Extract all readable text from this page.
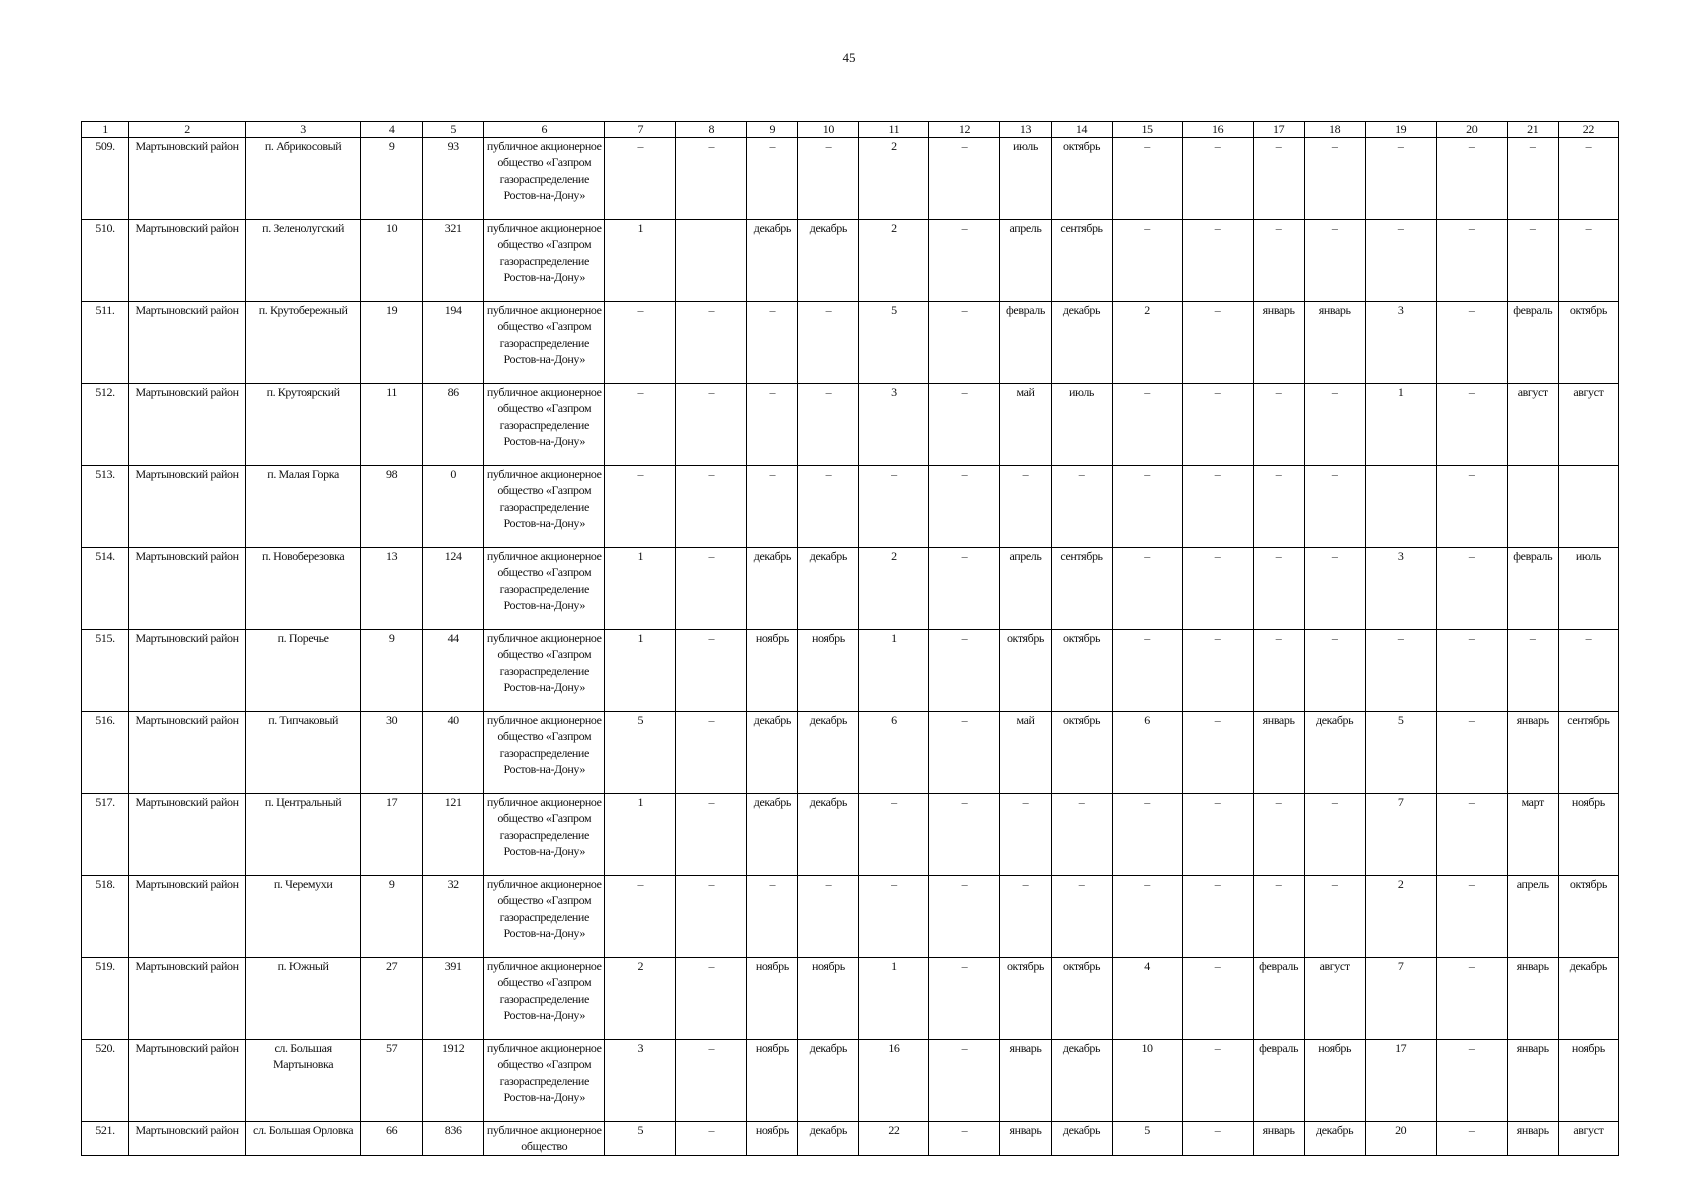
45
1	2	3	4	5	6	7	8	9	10	11	12	13	14	15	16	17	18	19	20	21	22
509.	Мартыновский район	п. Абрикосовый	9	93	публичное акционерное общество «Газпром газораспределение Ростов-на-Дону»	–	–	–	–	2	–	июль	октябрь	–	–	–	–	–	–	–	–
510.	Мартыновский район	п. Зеленолугский	10	321	публичное акционерное общество «Газпром газораспределение Ростов-на-Дону»	1		декабрь	декабрь	2	–	апрель	сентябрь	–	–	–	–	–	–	–	–
511.	Мартыновский район	п. Крутобережный	19	194	публичное акционерное общество «Газпром газораспределение Ростов-на-Дону»	–	–	–	–	5	–	февраль	декабрь	2	–	январь	январь	3	–	февраль	октябрь
512.	Мартыновский район	п. Крутоярский	11	86	публичное акционерное общество «Газпром газораспределение Ростов-на-Дону»	–	–	–	–	3	–	май	июль	–	–	–	–	1	–	август	август
513.	Мартыновский район	п. Малая Горка	98	0	публичное акционерное общество «Газпром газораспределение Ростов-на-Дону»	–	–	–	–	–	–	–	–	–	–	–	–		–		
514.	Мартыновский район	п. Новоберезовка	13	124	публичное акционерное общество «Газпром газораспределение Ростов-на-Дону»	1	–	декабрь	декабрь	2	–	апрель	сентябрь	–	–	–	–	3	–	февраль	июль
515.	Мартыновский район	п. Поречье	9	44	публичное акционерное общество «Газпром газораспределение Ростов-на-Дону»	1	–	ноябрь	ноябрь	1	–	октябрь	октябрь	–	–	–	–	–	–	–	–
516.	Мартыновский район	п. Типчаковый	30	40	публичное акционерное общество «Газпром газораспределение Ростов-на-Дону»	5	–	декабрь	декабрь	6	–	май	октябрь	6	–	январь	декабрь	5	–	январь	сентябрь
517.	Мартыновский район	п. Центральный	17	121	публичное акционерное общество «Газпром газораспределение Ростов-на-Дону»	1	–	декабрь	декабрь	–	–	–	–	–	–	–	–	7	–	март	ноябрь
518.	Мартыновский район	п. Черемухи	9	32	публичное акционерное общество «Газпром газораспределение Ростов-на-Дону»	–	–	–	–	–	–	–	–	–	–	–	–	2	–	апрель	октябрь
519.	Мартыновский район	п. Южный	27	391	публичное акционерное общество «Газпром газораспределение Ростов-на-Дону»	2	–	ноябрь	ноябрь	1	–	октябрь	октябрь	4	–	февраль	август	7	–	январь	декабрь
520.	Мартыновский район	сл. Большая Мартыновка	57	1912	публичное акционерное общество «Газпром газораспределение Ростов-на-Дону»	3	–	ноябрь	декабрь	16	–	январь	декабрь	10	–	февраль	ноябрь	17	–	январь	ноябрь
521.	Мартыновский район	сл. Большая Орловка	66	836	публичное акционерное общество	5	–	ноябрь	декабрь	22	–	январь	декабрь	5	–	январь	декабрь	20	–	январь	август
